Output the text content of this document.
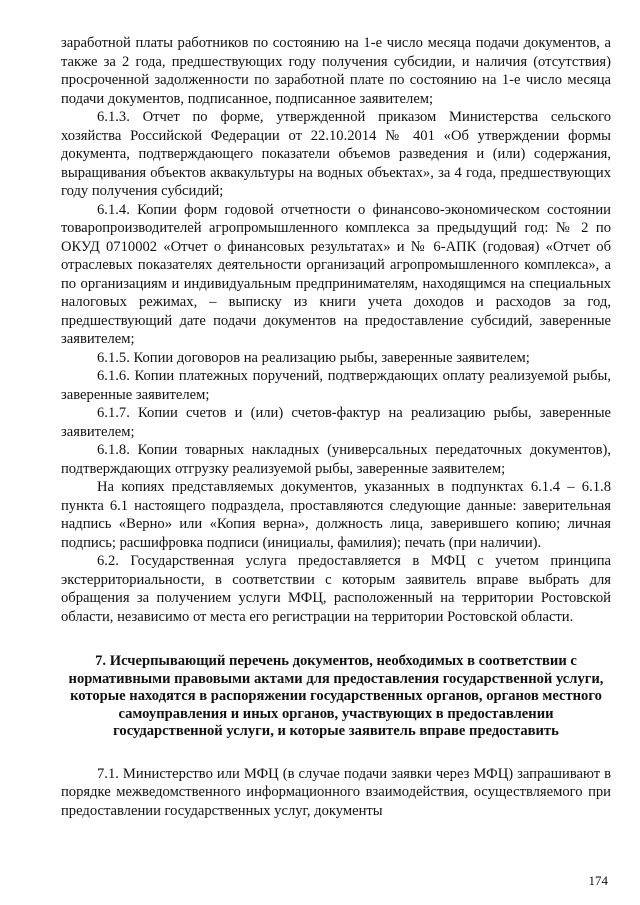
заработной платы работников по состоянию на 1-е число месяца подачи документов, а также за 2 года, предшествующих году получения субсидии, и наличия (отсутствия) просроченной задолженности по заработной плате по состоянию на 1-е число месяца подачи документов, подписанное, подписанное заявителем;

6.1.3. Отчет по форме, утвержденной приказом Министерства сельского хозяйства Российской Федерации от 22.10.2014 № 401 «Об утверждении формы документа, подтверждающего показатели объемов разведения и (или) содержания, выращивания объектов аквакультуры на водных объектах», за 4 года, предшествующих году получения субсидий;

6.1.4. Копии форм годовой отчетности о финансово-экономическом состоянии товаропроизводителей агропромышленного комплекса за предыдущий год: № 2 по ОКУД 0710002 «Отчет о финансовых результатах» и № 6-АПК (годовая) «Отчет об отраслевых показателях деятельности организаций агропромышленного комплекса», а по организациям и индивидуальным предпринимателям, находящимся на специальных налоговых режимах, – выписку из книги учета доходов и расходов за год, предшествующий дате подачи документов на предоставление субсидий, заверенные заявителем;

6.1.5. Копии договоров на реализацию рыбы, заверенные заявителем;

6.1.6. Копии платежных поручений, подтверждающих оплату реализуемой рыбы, заверенные заявителем;

6.1.7. Копии счетов и (или) счетов-фактур на реализацию рыбы, заверенные заявителем;

6.1.8. Копии товарных накладных (универсальных передаточных документов), подтверждающих отгрузку реализуемой рыбы, заверенные заявителем;

На копиях представляемых документов, указанных в подпунктах 6.1.4 – 6.1.8 пункта 6.1 настоящего подраздела, проставляются следующие данные: заверительная надпись «Верно» или «Копия верна», должность лица, заверившего копию; личная подпись; расшифровка подписи (инициалы, фамилия); печать (при наличии).

6.2. Государственная услуга предоставляется в МФЦ с учетом принципа экстерриториальности, в соответствии с которым заявитель вправе выбрать для обращения за получением услуги МФЦ, расположенный на территории Ростовской области, независимо от места его регистрации на территории Ростовской области.

7. Исчерпывающий перечень документов, необходимых в соответствии с нормативными правовыми актами для предоставления государственной услуги, которые находятся в распоряжении государственных органов, органов местного самоуправления и иных органов, участвующих в предоставлении государственной услуги, и которые заявитель вправе предоставить

7.1. Министерство или МФЦ (в случае подачи заявки через МФЦ) запрашивают в порядке межведомственного информационного взаимодействия, осуществляемого при предоставлении государственных услуг, документы

174
